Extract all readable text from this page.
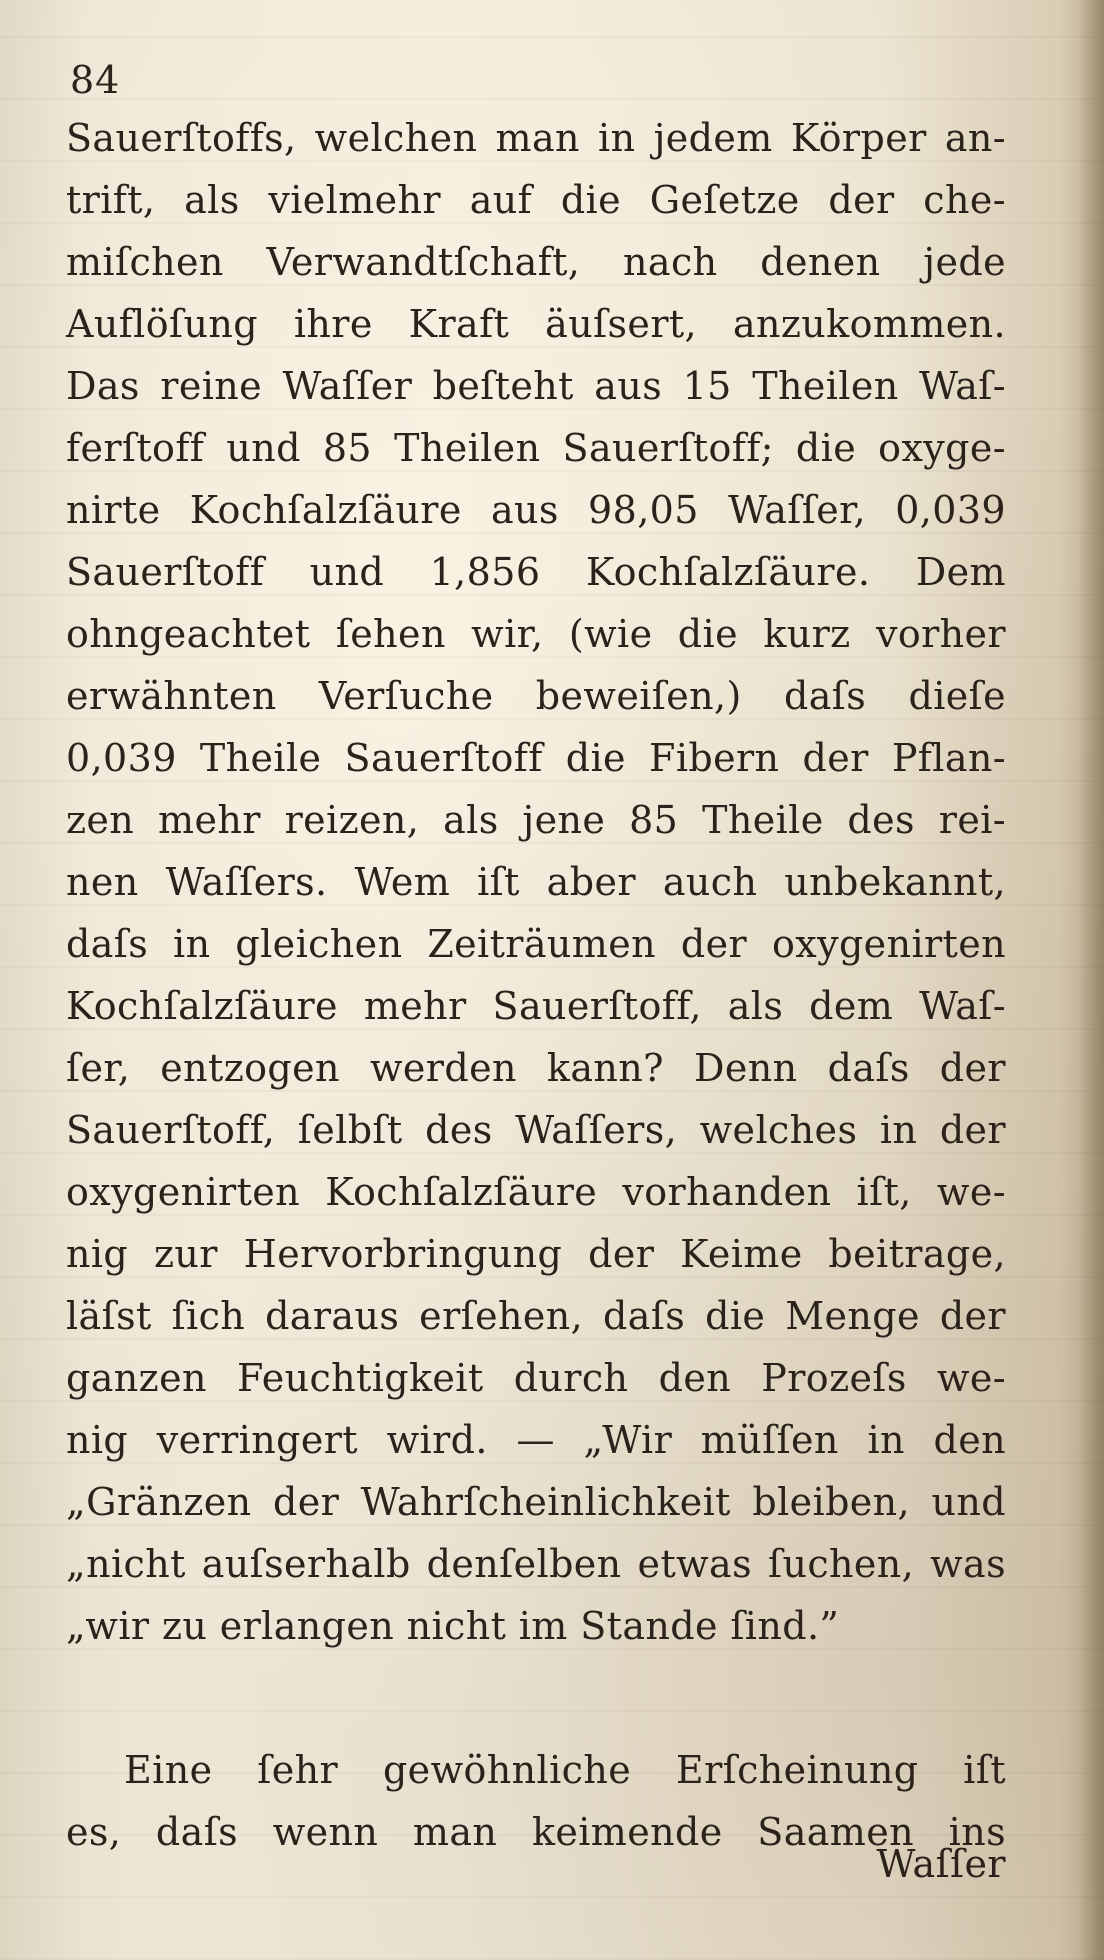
84
Sauerſtoffs, welchen man in jedem Körper an-
trift, als vielmehr auf die Geſetze der che-
miſchen Verwandtſchaft, nach denen jede
Auflöſung ihre Kraft äuſsert, anzukommen.
Das reine Waſſer beſteht aus 15 Theilen Waſ-
ferſtoff und 85 Theilen Sauerſtoff; die oxyge-
nirte Kochſalzſäure aus 98,05 Waſſer, 0,039
Sauerſtoff und 1,856 Kochſalzſäure. Dem
ohngeachtet ſehen wir, (wie die kurz vorher
erwähnten Verſuche beweiſen,) daſs dieſe
0,039 Theile Sauerſtoff die Fibern der Pflan-
zen mehr reizen, als jene 85 Theile des rei-
nen Waſſers. Wem iſt aber auch unbekannt,
daſs in gleichen Zeiträumen der oxygenirten
Kochſalzſäure mehr Sauerſtoff, als dem Waſ-
ſer, entzogen werden kann? Denn daſs der
Sauerſtoff, ſelbſt des Waſſers, welches in der
oxygenirten Kochſalzſäure vorhanden iſt, we-
nig zur Hervorbringung der Keime beitrage,
läſst ſich daraus erſehen, daſs die Menge der
ganzen Feuchtigkeit durch den Prozeſs we-
nig verringert wird. — „Wir müſſen in den
„Gränzen der Wahrſcheinlichkeit bleiben, und
„nicht auſserhalb denſelben etwas ſuchen, was
„wir zu erlangen nicht im Stande ſind.”
Eine ſehr gewöhnliche Erſcheinung iſt
es, daſs wenn man keimende Saamen ins
Waſſer
